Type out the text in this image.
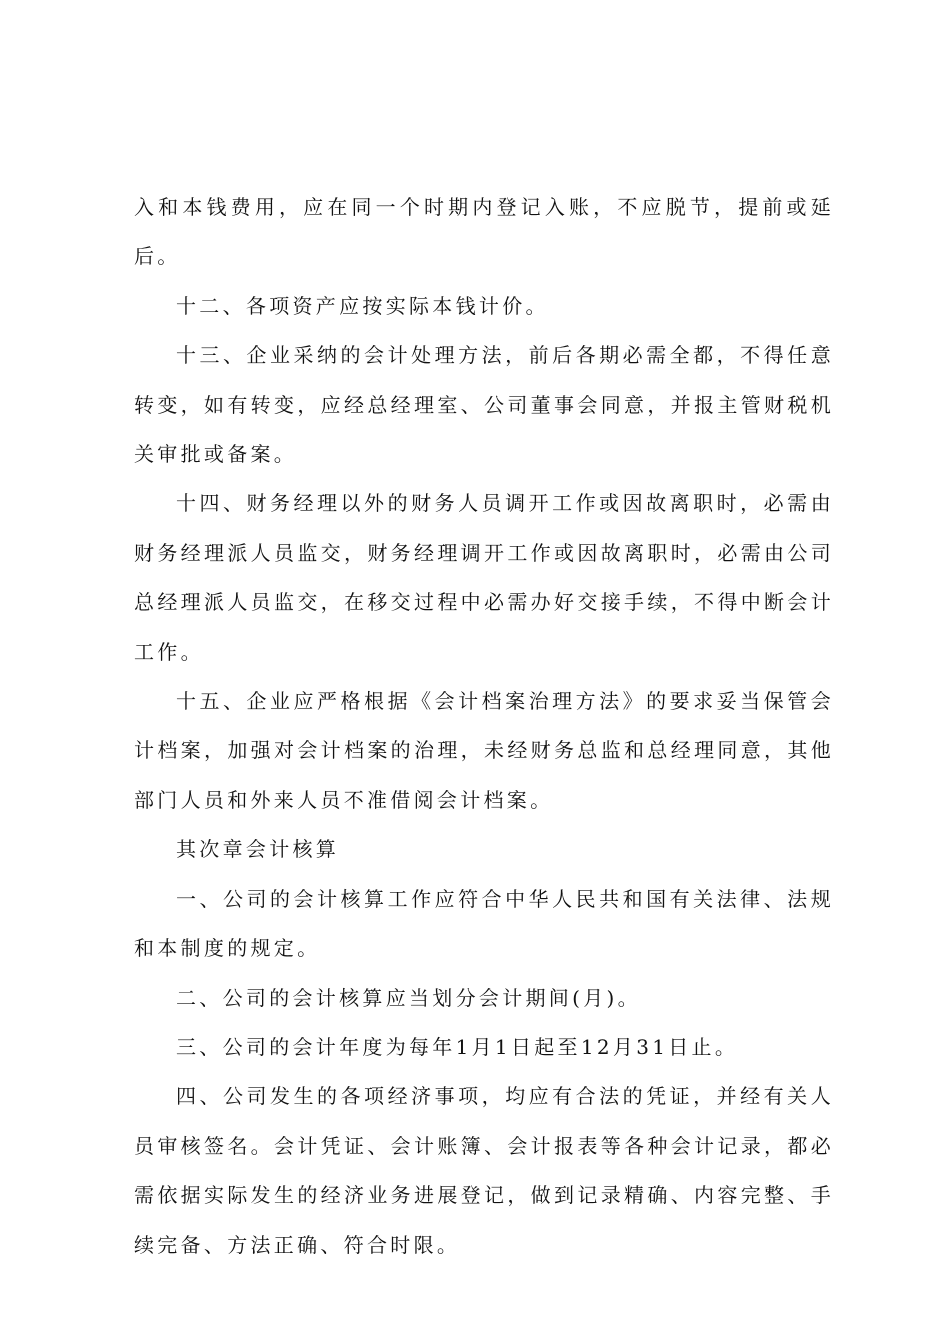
入和本钱费用，应在同一个时期内登记入账，不应脱节，提前或延后。

十二、各项资产应按实际本钱计价。

十三、企业采纳的会计处理方法，前后各期必需全都，不得任意转变，如有转变，应经总经理室、公司董事会同意，并报主管财税机关审批或备案。

十四、财务经理以外的财务人员调开工作或因故离职时，必需由财务经理派人员监交，财务经理调开工作或因故离职时，必需由公司总经理派人员监交，在移交过程中必需办好交接手续，不得中断会计工作。

十五、企业应严格根据《会计档案治理方法》的要求妥当保管会计档案，加强对会计档案的治理，未经财务总监和总经理同意，其他部门人员和外来人员不准借阅会计档案。

其次章会计核算

一、公司的会计核算工作应符合中华人民共和国有关法律、法规和本制度的规定。

二、公司的会计核算应当划分会计期间(月)。

三、公司的会计年度为每年1月1日起至12月31日止。

四、公司发生的各项经济事项，均应有合法的凭证，并经有关人员审核签名。会计凭证、会计账簿、会计报表等各种会计记录，都必需依据实际发生的经济业务进展登记，做到记录精确、内容完整、手续完备、方法正确、符合时限。
